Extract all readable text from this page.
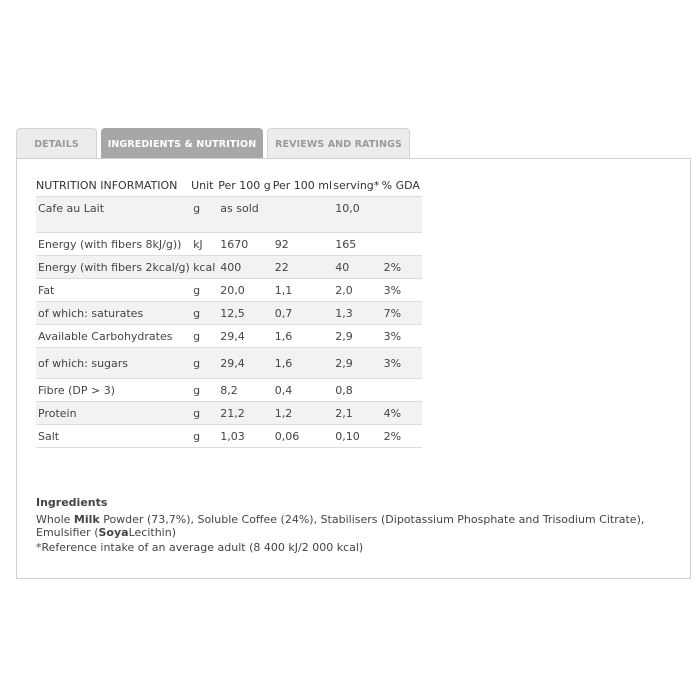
DETAILS	INGREDIENTS & NUTRITION	REVIEWS AND RATINGS
NUTRITION INFORMATION	Unit	Per 100 g	Per 100 ml	serving*	% GDA
Cafe au Lait	g	as sold		10,0	
Energy (with fibers 8kJ/g))	kJ	1670	92	165	
Energy (with fibers 2kcal/g)	kcal	400	22	40	2%
Fat	g	20,0	1,1	2,0	3%
of which: saturates	g	12,5	0,7	1,3	7%
Available Carbohydrates	g	29,4	1,6	2,9	3%
of which: sugars	g	29,4	1,6	2,9	3%
Fibre (DP > 3)	g	8,2	0,4	0,8	
Protein	g	21,2	1,2	2,1	4%
Salt	g	1,03	0,06	0,10	2%
Ingredients
Whole Milk Powder (73,7%), Soluble Coffee (24%), Stabilisers (Dipotassium Phosphate and Trisodium Citrate), Emulsifier (SoyaLecithin)
*Reference intake of an average adult (8 400 kJ/2 000 kcal)
